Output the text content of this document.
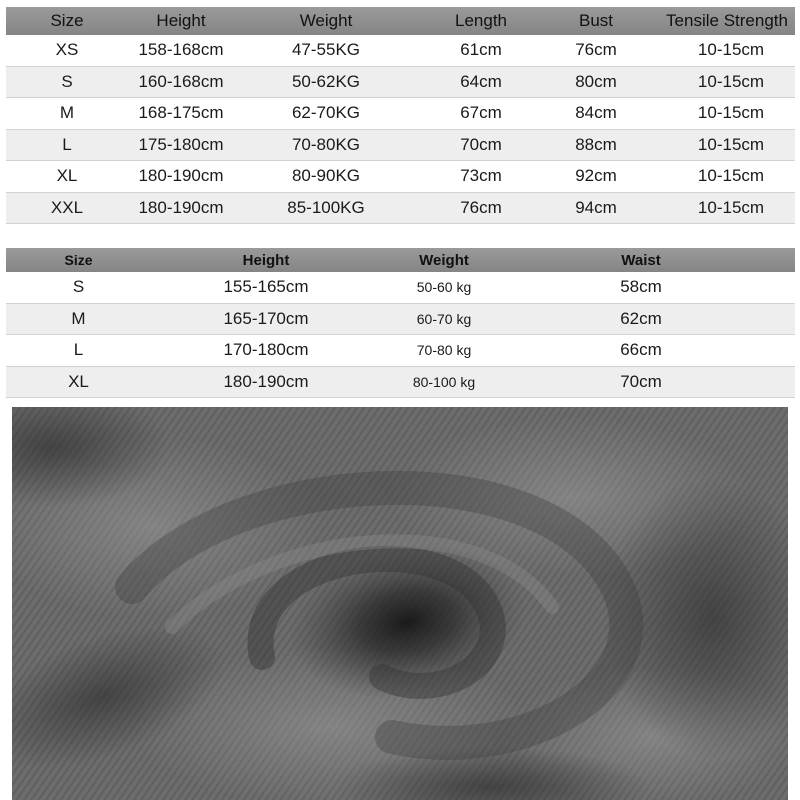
Size	Height	Weight	Length	Bust	Tensile Strength
XS	158-168cm	47-55KG	61cm	76cm	10-15cm
S	160-168cm	50-62KG	64cm	80cm	10-15cm
M	168-175cm	62-70KG	67cm	84cm	10-15cm
L	175-180cm	70-80KG	70cm	88cm	10-15cm
XL	180-190cm	80-90KG	73cm	92cm	10-15cm
XXL	180-190cm	85-100KG	76cm	94cm	10-15cm
Size	Height	Weight	Waist
S	155-165cm	50-60 kg	58cm
M	165-170cm	60-70 kg	62cm
L	170-180cm	70-80 kg	66cm
XL	180-190cm	80-100 kg	70cm
